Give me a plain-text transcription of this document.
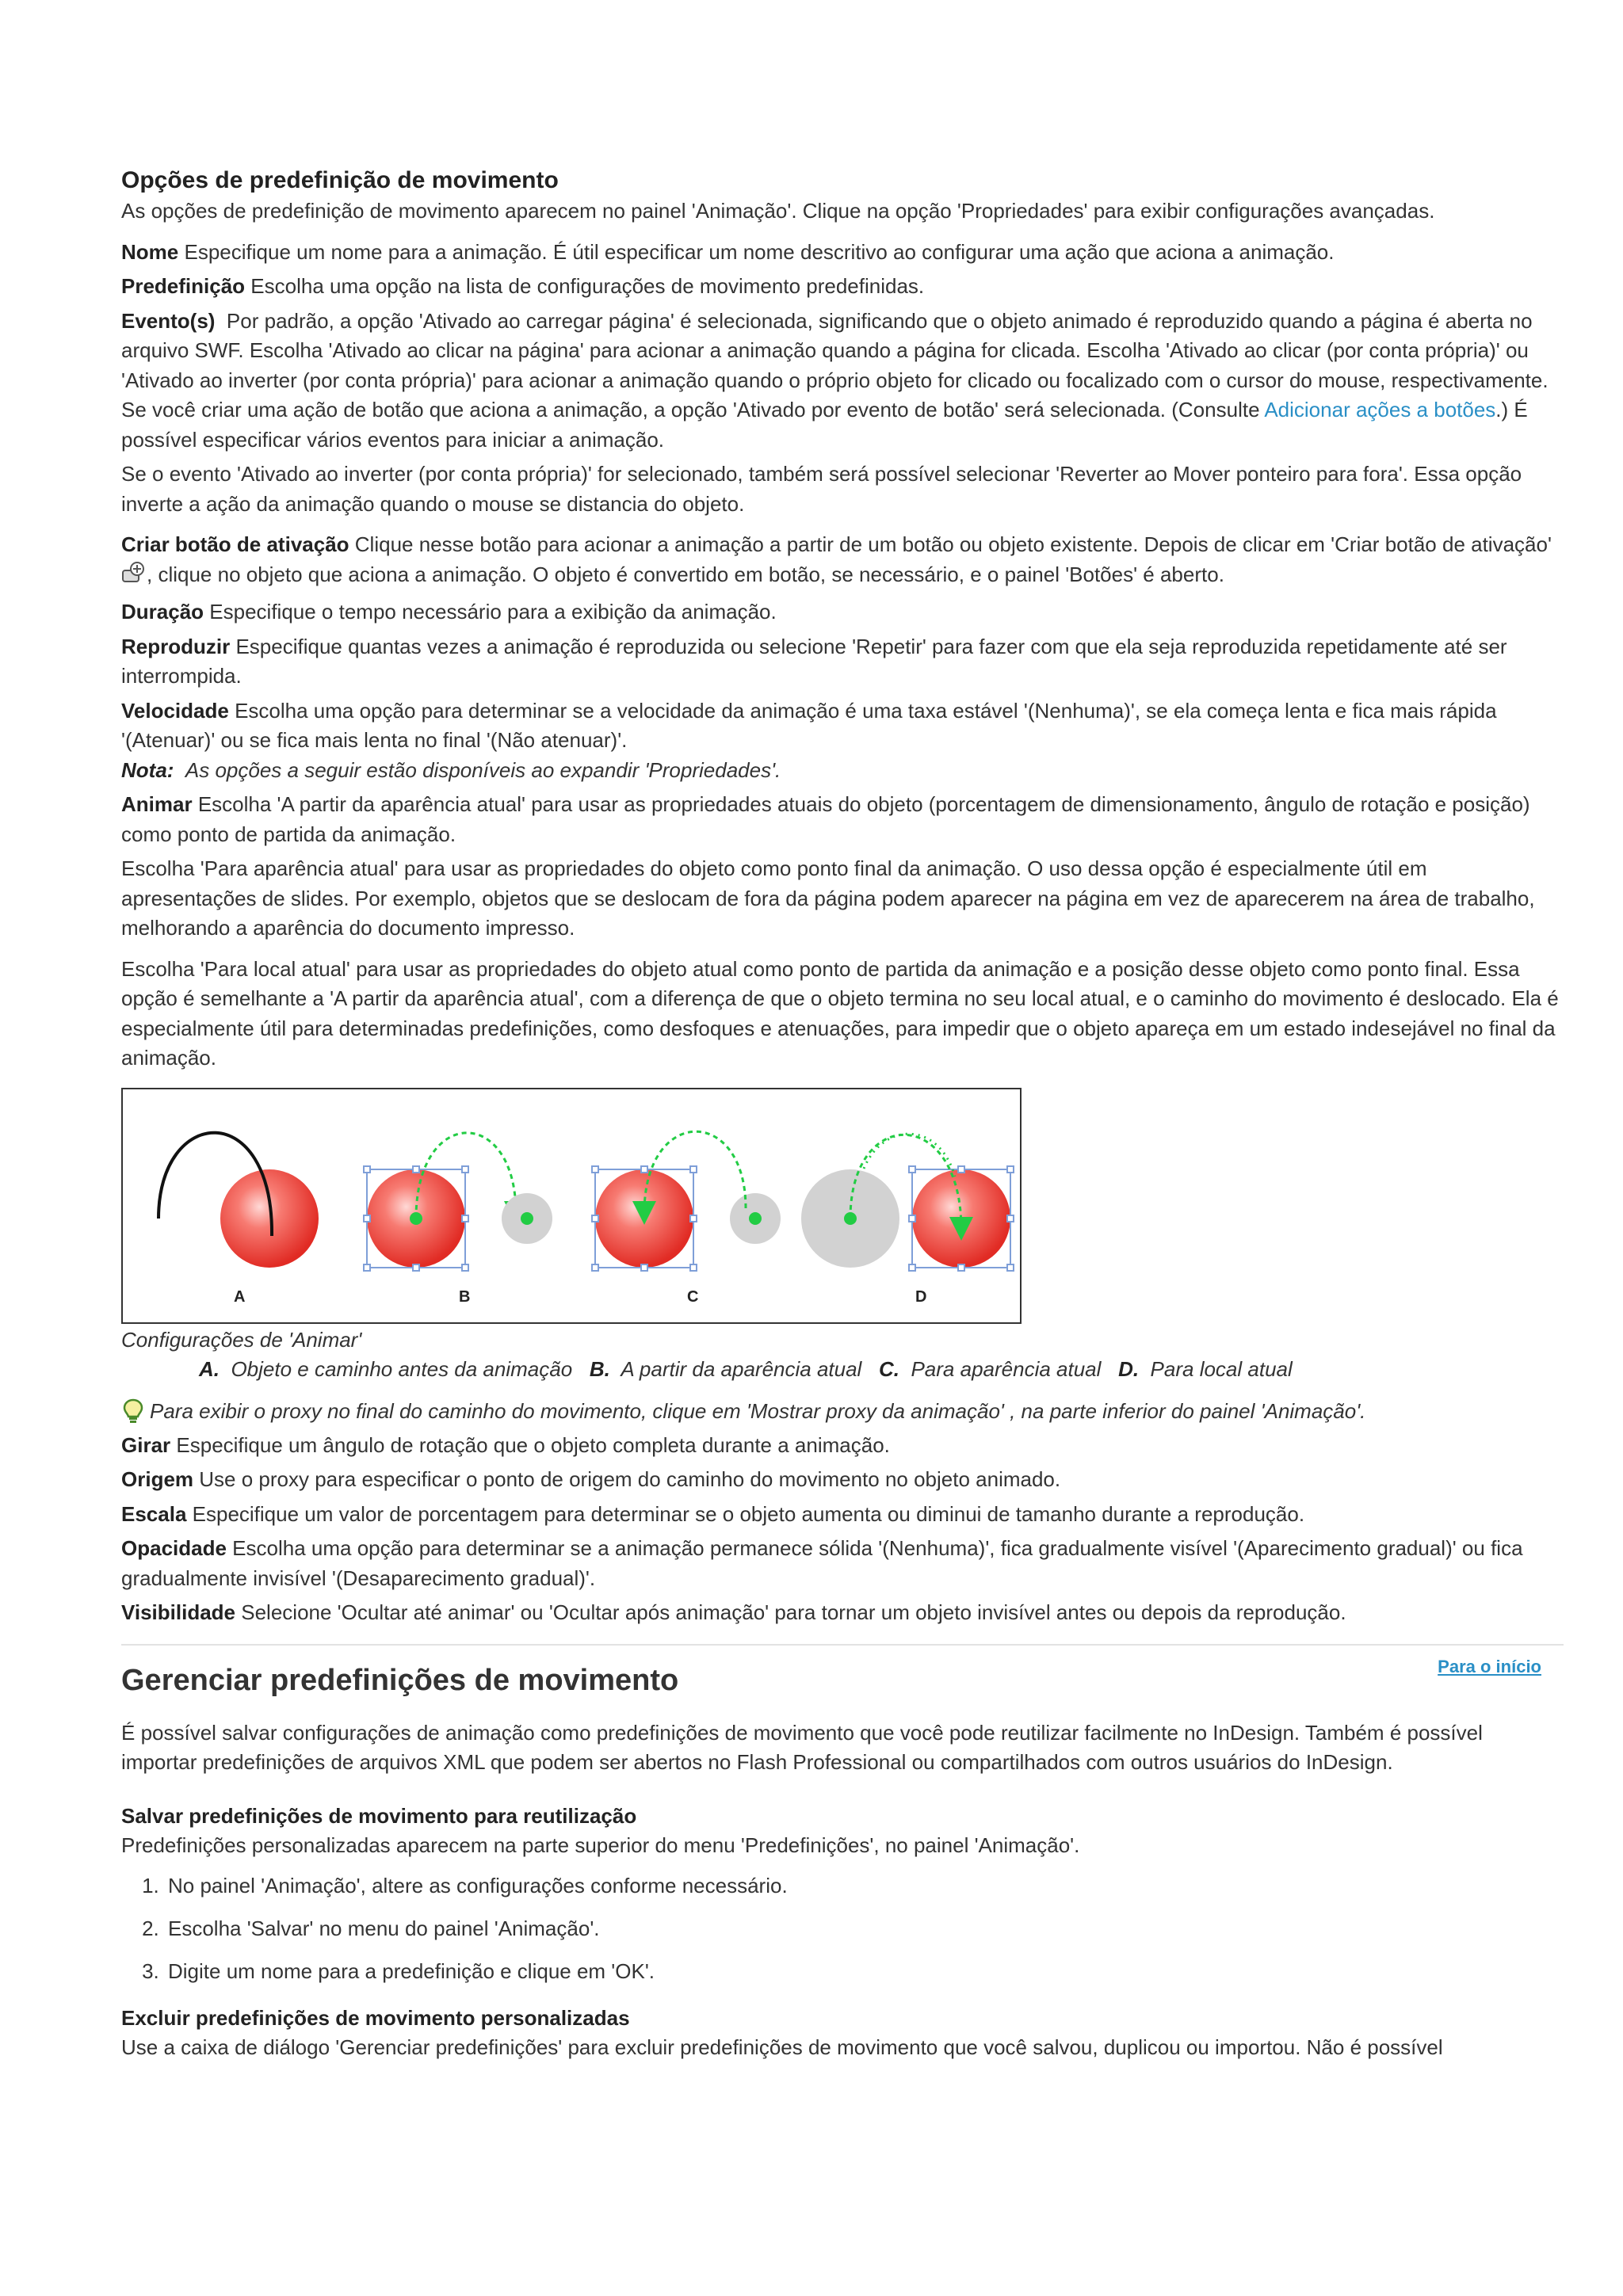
Opções de predefinição de movimento

As opções de predefinição de movimento aparecem no painel 'Animação'. Clique na opção 'Propriedades' para exibir configurações avançadas.

Nome Especifique um nome para a animação. É útil especificar um nome descritivo ao configurar uma ação que aciona a animação.

Predefinição Escolha uma opção na lista de configurações de movimento predefinidas.

Evento(s) Por padrão, a opção 'Ativado ao carregar página' é selecionada, significando que o objeto animado é reproduzido quando a página é aberta no arquivo SWF. Escolha 'Ativado ao clicar na página' para acionar a animação quando a página for clicada. Escolha 'Ativado ao clicar (por conta própria)' ou 'Ativado ao inverter (por conta própria)' para acionar a animação quando o próprio objeto for clicado ou focalizado com o cursor do mouse, respectivamente. Se você criar uma ação de botão que aciona a animação, a opção 'Ativado por evento de botão' será selecionada. (Consulte Adicionar ações a botões.) É possível especificar vários eventos para iniciar a animação.

Se o evento 'Ativado ao inverter (por conta própria)' for selecionado, também será possível selecionar 'Reverter ao Mover ponteiro para fora'. Essa opção inverte a ação da animação quando o mouse se distancia do objeto.

Criar botão de ativação Clique nesse botão para acionar a animação a partir de um botão ou objeto existente. Depois de clicar em 'Criar botão de ativação', clique no objeto que aciona a animação. O objeto é convertido em botão, se necessário, e o painel 'Botões' é aberto.

Duração Especifique o tempo necessário para a exibição da animação.

Reproduzir Especifique quantas vezes a animação é reproduzida ou selecione 'Repetir' para fazer com que ela seja reproduzida repetidamente até ser interrompida.

Velocidade Escolha uma opção para determinar se a velocidade da animação é uma taxa estável '(Nenhuma)', se ela começa lenta e fica mais rápida '(Atenuar)' ou se fica mais lenta no final '(Não atenuar)'.

Nota: As opções a seguir estão disponíveis ao expandir 'Propriedades'.

Animar Escolha 'A partir da aparência atual' para usar as propriedades atuais do objeto (porcentagem de dimensionamento, ângulo de rotação e posição) como ponto de partida da animação.

Escolha 'Para aparência atual' para usar as propriedades do objeto como ponto final da animação. O uso dessa opção é especialmente útil em apresentações de slides. Por exemplo, objetos que se deslocam de fora da página podem aparecer na página em vez de aparecerem na área de trabalho, melhorando a aparência do documento impresso.

Escolha 'Para local atual' para usar as propriedades do objeto atual como ponto de partida da animação e a posição desse objeto como ponto final. Essa opção é semelhante a 'A partir da aparência atual', com a diferença de que o objeto termina no seu local atual, e o caminho do movimento é deslocado. Ela é especialmente útil para determinadas predefinições, como desfoques e atenuações, para impedir que o objeto apareça em um estado indesejável no final da animação.

A	B	C	D
Configurações de 'Animar'
A. Objeto e caminho antes da animação B. A partir da aparência atual C. Para aparência atual D. Para local atual
Para exibir o proxy no final do caminho do movimento, clique em 'Mostrar proxy da animação' , na parte inferior do painel 'Animação'.

Girar Especifique um ângulo de rotação que o objeto completa durante a animação.

Origem Use o proxy para especificar o ponto de origem do caminho do movimento no objeto animado.

Escala Especifique um valor de porcentagem para determinar se o objeto aumenta ou diminui de tamanho durante a reprodução.

Opacidade Escolha uma opção para determinar se a animação permanece sólida '(Nenhuma)', fica gradualmente visível '(Aparecimento gradual)' ou fica gradualmente invisível '(Desaparecimento gradual)'.

Visibilidade Selecione 'Ocultar até animar' ou 'Ocultar após animação' para tornar um objeto invisível antes ou depois da reprodução.

Para o início
Gerenciar predefinições de movimento

É possível salvar configurações de animação como predefinições de movimento que você pode reutilizar facilmente no InDesign. Também é possível importar predefinições de arquivos XML que podem ser abertos no Flash Professional ou compartilhados com outros usuários do InDesign.

Salvar predefinições de movimento para reutilização

Predefinições personalizadas aparecem na parte superior do menu 'Predefinições', no painel 'Animação'.

1. No painel 'Animação', altere as configurações conforme necessário.
2. Escolha 'Salvar' no menu do painel 'Animação'.
3. Digite um nome para a predefinição e clique em 'OK'.
Excluir predefinições de movimento personalizadas

Use a caixa de diálogo 'Gerenciar predefinições' para excluir predefinições de movimento que você salvou, duplicou ou importou. Não é possível
